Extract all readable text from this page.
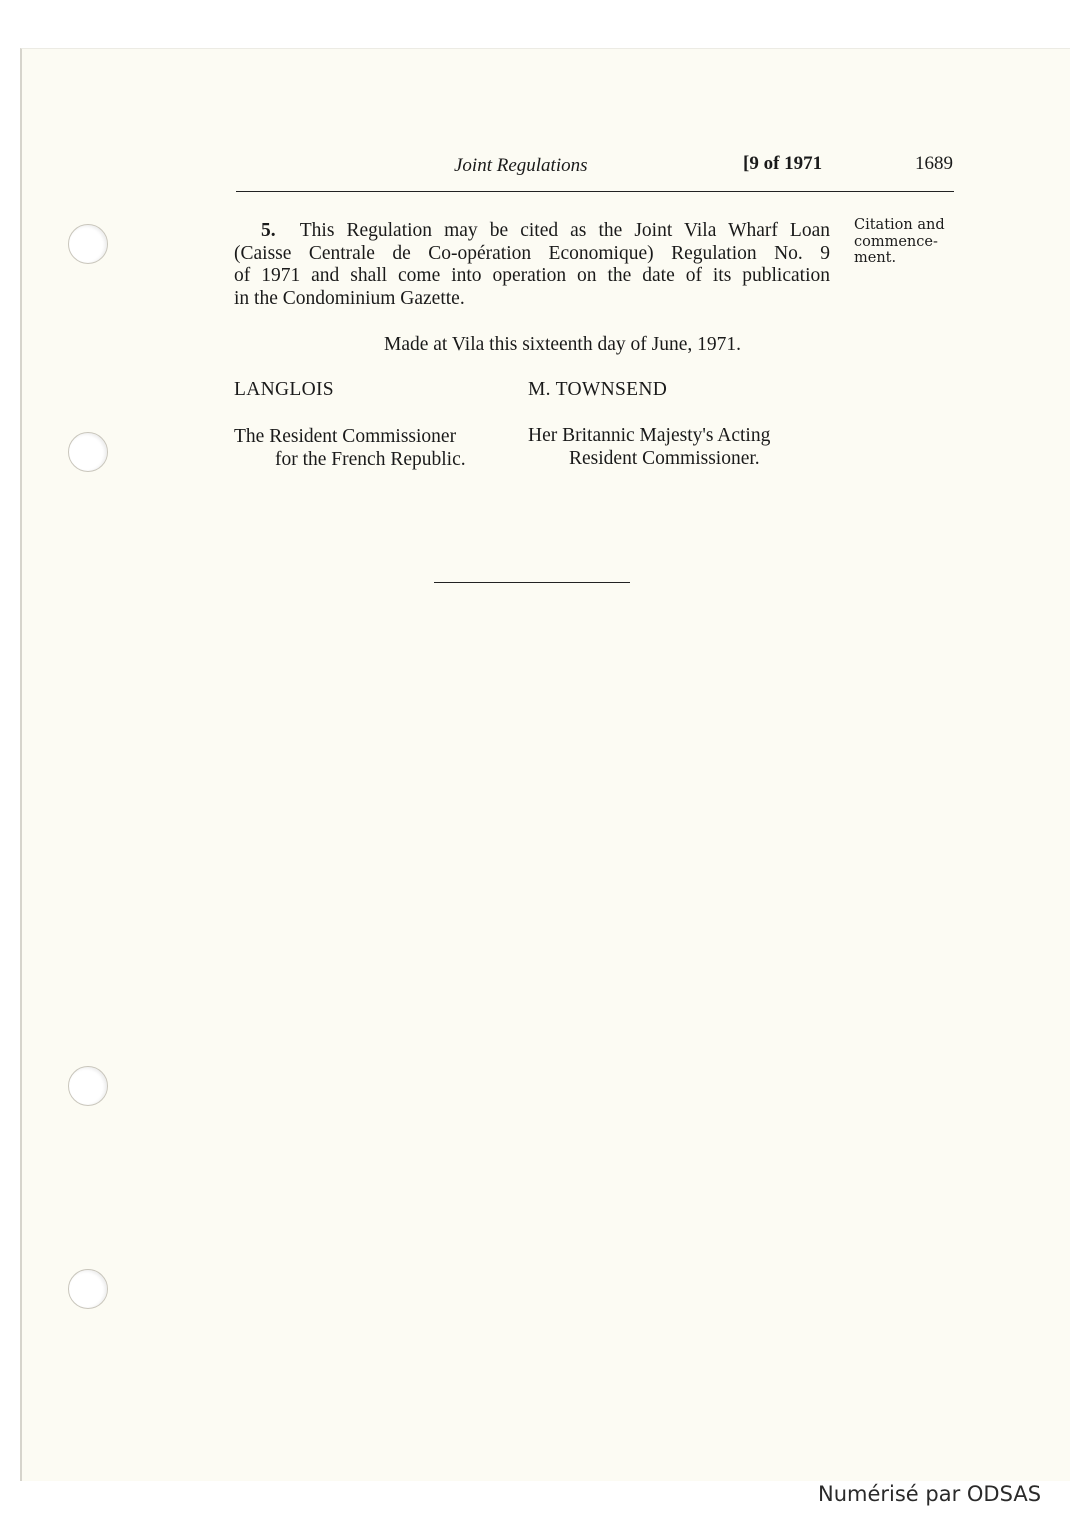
Joint Regulations	[9 of 1971	1689
5. This Regulation may be cited as the Joint Vila Wharf Loan
(Caisse Centrale de Co-opération Economique) Regulation No. 9
of 1971 and shall come into operation on the date of its publication
in the Condominium Gazette.
Citation and
commence-
ment.
Made at Vila this sixteenth day of June, 1971.
LANGLOIS	M. TOWNSEND
The Resident Commissioner
for the French Republic.
Her Britannic Majesty's Acting
Resident Commissioner.
Numérisé par ODSAS
